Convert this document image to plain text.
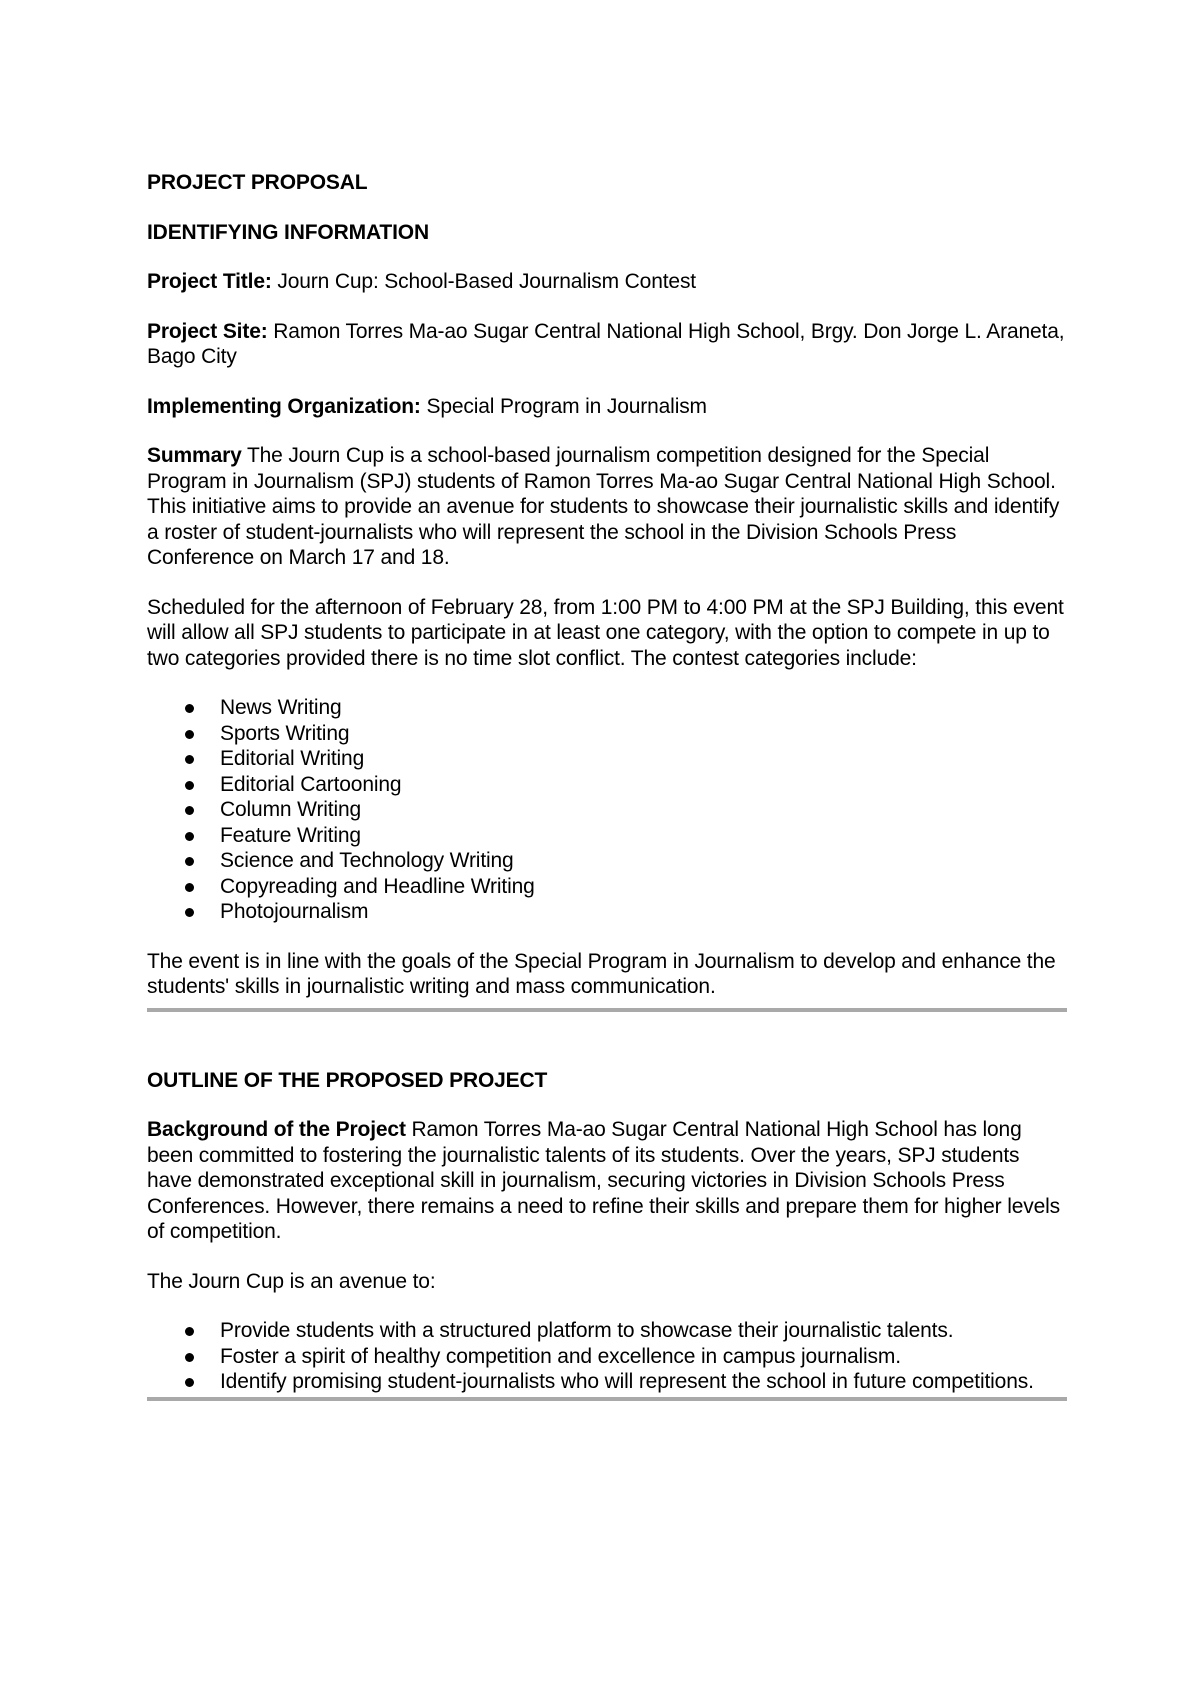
PROJECT PROPOSAL
IDENTIFYING INFORMATION

Project Title: Journ Cup: School-Based Journalism Contest

Project Site: Ramon Torres Ma-ao Sugar Central National High School, Brgy. Don Jorge L. Araneta, Bago City

Implementing Organization: Special Program in Journalism

Summary The Journ Cup is a school-based journalism competition designed for the Special Program in Journalism (SPJ) students of Ramon Torres Ma-ao Sugar Central National High School. This initiative aims to provide an avenue for students to showcase their journalistic skills and identify a roster of student-journalists who will represent the school in the Division Schools Press Conference on March 17 and 18.

Scheduled for the afternoon of February 28, from 1:00 PM to 4:00 PM at the SPJ Building, this event will allow all SPJ students to participate in at least one category, with the option to compete in up to two categories provided there is no time slot conflict. The contest categories include:

News Writing
Sports Writing
Editorial Writing
Editorial Cartooning
Column Writing
Feature Writing
Science and Technology Writing
Copyreading and Headline Writing
Photojournalism

The event is in line with the goals of the Special Program in Journalism to develop and enhance the students' skills in journalistic writing and mass communication.

OUTLINE OF THE PROPOSED PROJECT

Background of the Project Ramon Torres Ma-ao Sugar Central National High School has long been committed to fostering the journalistic talents of its students. Over the years, SPJ students have demonstrated exceptional skill in journalism, securing victories in Division Schools Press Conferences. However, there remains a need to refine their skills and prepare them for higher levels of competition.

The Journ Cup is an avenue to:

Provide students with a structured platform to showcase their journalistic talents.
Foster a spirit of healthy competition and excellence in campus journalism.
Identify promising student-journalists who will represent the school in future competitions.
